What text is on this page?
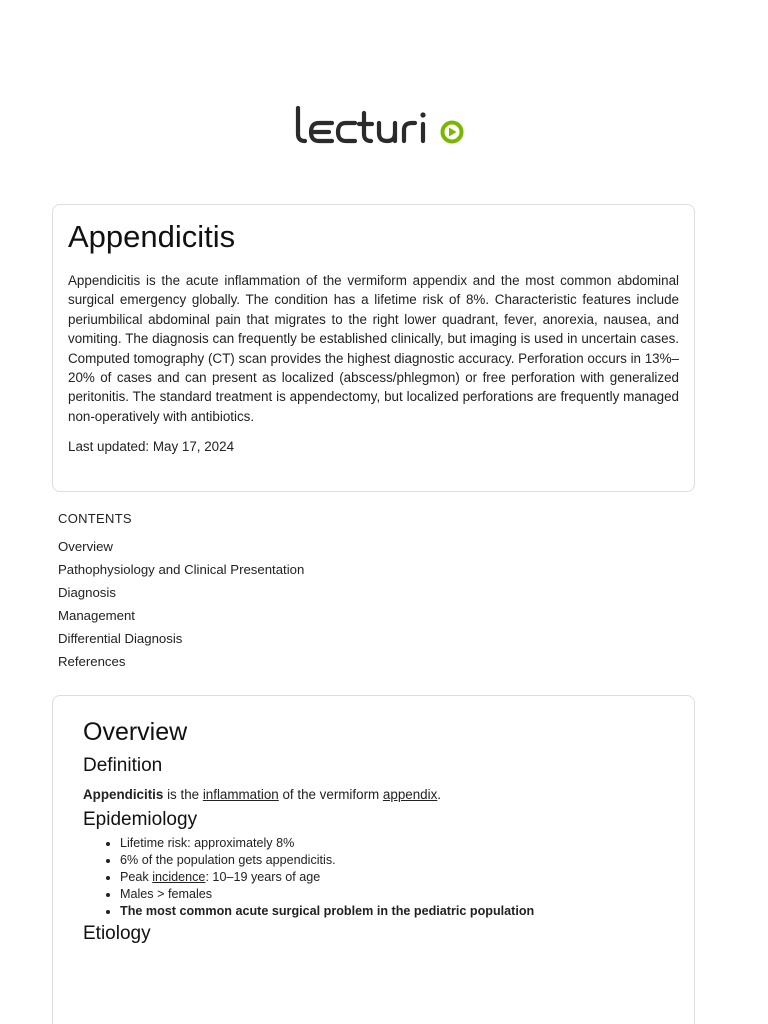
Appendicitis

Appendicitis is the acute inflammation of the vermiform appendix and the most common abdominal surgical emergency globally. The condition has a lifetime risk of 8%. Characteristic features include periumbilical abdominal pain that migrates to the right lower quadrant, fever, anorexia, nausea, and vomiting. The diagnosis can frequently be established clinically, but imaging is used in uncertain cases. Computed tomography (CT) scan provides the highest diagnostic accuracy. Perforation occurs in 13%–20% of cases and can present as localized (abscess/phlegmon) or free perforation with generalized peritonitis. The standard treatment is appendectomy, but localized perforations are frequently managed non-operatively with antibiotics.

Last updated: May 17, 2024

CONTENTS
Overview
Pathophysiology and Clinical Presentation
Diagnosis
Management
Differential Diagnosis
References
Overview
Definition

Appendicitis is the inflammation of the vermiform appendix.

Epidemiology
• Lifetime risk: approximately 8%
• 6% of the population gets appendicitis.
• Peak incidence: 10–19 years of age
• Males > females
• The most common acute surgical problem in the pediatric population
Etiology
